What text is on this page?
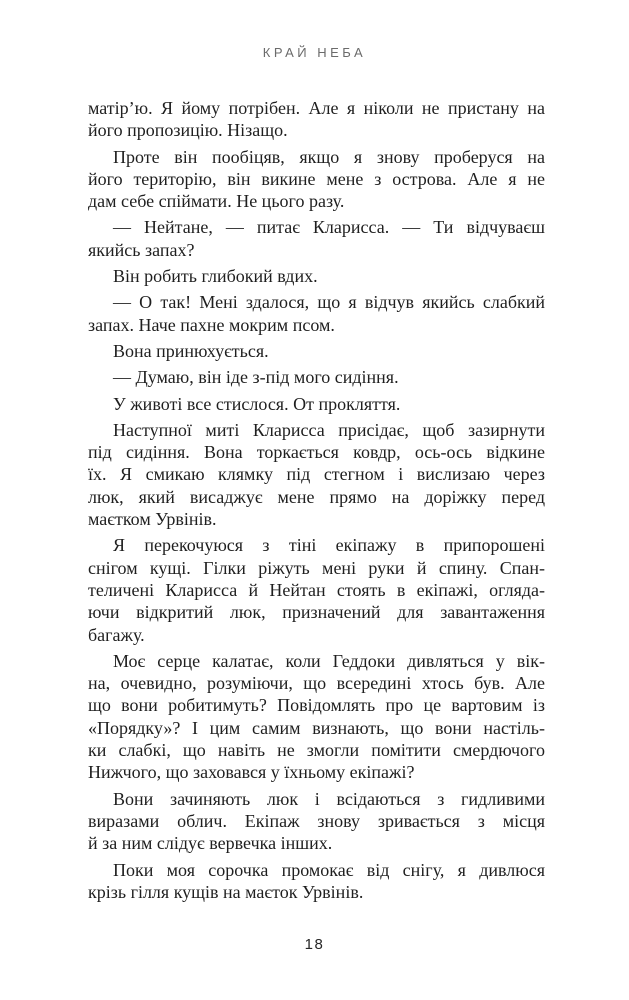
КРАЙ НЕБА

матір’ю. Я йому потрібен. Але я ніколи не пристану на
його пропозицію. Нізащо.

Проте він пообіцяв, якщо я знову проберуся на
його територію, він викине мене з острова. Але я не
дам себе спіймати. Не цього разу.

— Нейтане, — питає Кларисса. — Ти відчуваєш
якийсь запах?

Він робить глибокий вдих.

— О так! Мені здалося, що я відчув якийсь слабкий
запах. Наче пахне мокрим псом.

Вона принюхується.

— Думаю, він іде з-під мого сидіння.

У животі все стислося. От прокляття.

Наступної миті Кларисса присідає, щоб зазирнути
під сидіння. Вона торкається ковдр, ось-ось відкине
їх. Я смикаю клямку під стегном і вислизаю через
люк, який висаджує мене прямо на доріжку перед
маєтком Урвінів.

Я перекочуюся з тіні екіпажу в припорошені
снігом кущі. Гілки ріжуть мені руки й спину. Спан-
теличені Кларисса й Нейтан стоять в екіпажі, огляда-
ючи відкритий люк, призначений для завантаження
багажу.

Моє серце калатає, коли Геддоки дивляться у вік-
на, очевидно, розуміючи, що всередині хтось був. Але
що вони робитимуть? Повідомлять про це вартовим із
«Порядку»? І цим самим визнають, що вони настіль-
ки слабкі, що навіть не змогли помітити смердючого
Нижчого, що заховався у їхньому екіпажі?

Вони зачиняють люк і всідаються з гидливими
виразами облич. Екіпаж знову зривається з місця
й за ним слідує вервечка інших.

Поки моя сорочка промокає від снігу, я дивлюся
крізь гілля кущів на маєток Урвінів.

18
